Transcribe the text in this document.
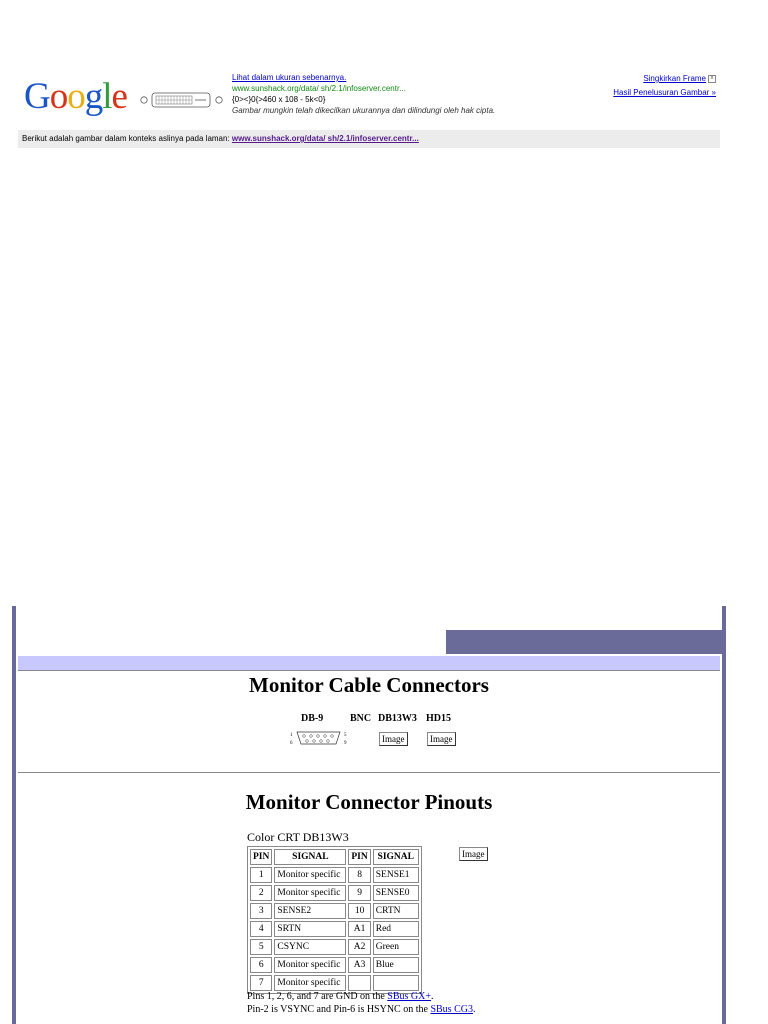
Google	Lihat dalam ukuran sebenarnya.
www.sunshack.org/data/ sh/2.1/infoserver.centr...
{0><}0{>460 x 108 - 5k<0}
Gambar mungkin telah dikecilkan ukurannya dan dilindungi oleh hak cipta.
Singkirkan Frame x
Hasil Penelusuran Gambar »
Berikut adalah gambar dalam konteks aslinya pada laman: www.sunshack.org/data/ sh/2.1/infoserver.centr...
Monitor Cable Connectors
DB-9	BNC DB13W3 HD15
1
6
5
9	Image	Image
Monitor Connector Pinouts
Color CRT DB13W3
Image
PIN	SIGNAL	PIN	SIGNAL
1	Monitor specific	8	SENSE1
2	Monitor specific	9	SENSE0
3	SENSE2	10	CRTN
4	SRTN	A1	Red
5	CSYNC	A2	Green
6	Monitor specific	A3	Blue
7	Monitor specific		
Pins 1, 2, 6, and 7 are GND on the SBus GX+.
Pin-2 is VSYNC and Pin-6 is HSYNC on the SBus CG3.
